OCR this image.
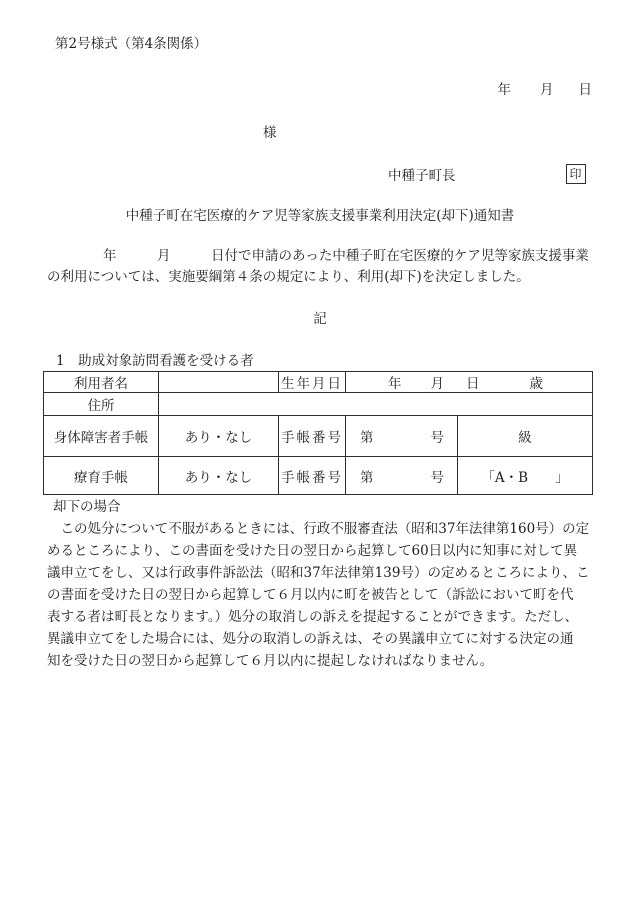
第2号様式（第4条関係）
年 月 日
様
中種子町長	印
中種子町在宅医療的ケア児等家族支援事業利用決定(却下)通知書
年　　　月　　　日付で申請のあった中種子町在宅医療的ケア児等家族支援事業
の利用については、実施要綱第４条の規定により、利用(却下)を決定しました。
記
1　助成対象訪問看護を受ける者
利用者名		生年月日	年 月 日 歳	
住所				
身体障害者手帳	あり・なし	手帳番号	第 号	級
療育手帳	あり・なし	手帳番号	第 号	「A・B　　」
却下の場合
　この処分について不服があるときには、行政不服審査法（昭和37年法律第160号）の定
めるところにより、この書面を受けた日の翌日から起算して60日以内に知事に対して異
議申立てをし、又は行政事件訴訟法（昭和37年法律第139号）の定めるところにより、こ
の書面を受けた日の翌日から起算して６月以内に町を被告として（訴訟において町を代
表する者は町長となります。）処分の取消しの訴えを提起することができます。ただし、
異議申立てをした場合には、処分の取消しの訴えは、その異議申立てに対する決定の通
知を受けた日の翌日から起算して６月以内に提起しなければなりません。
